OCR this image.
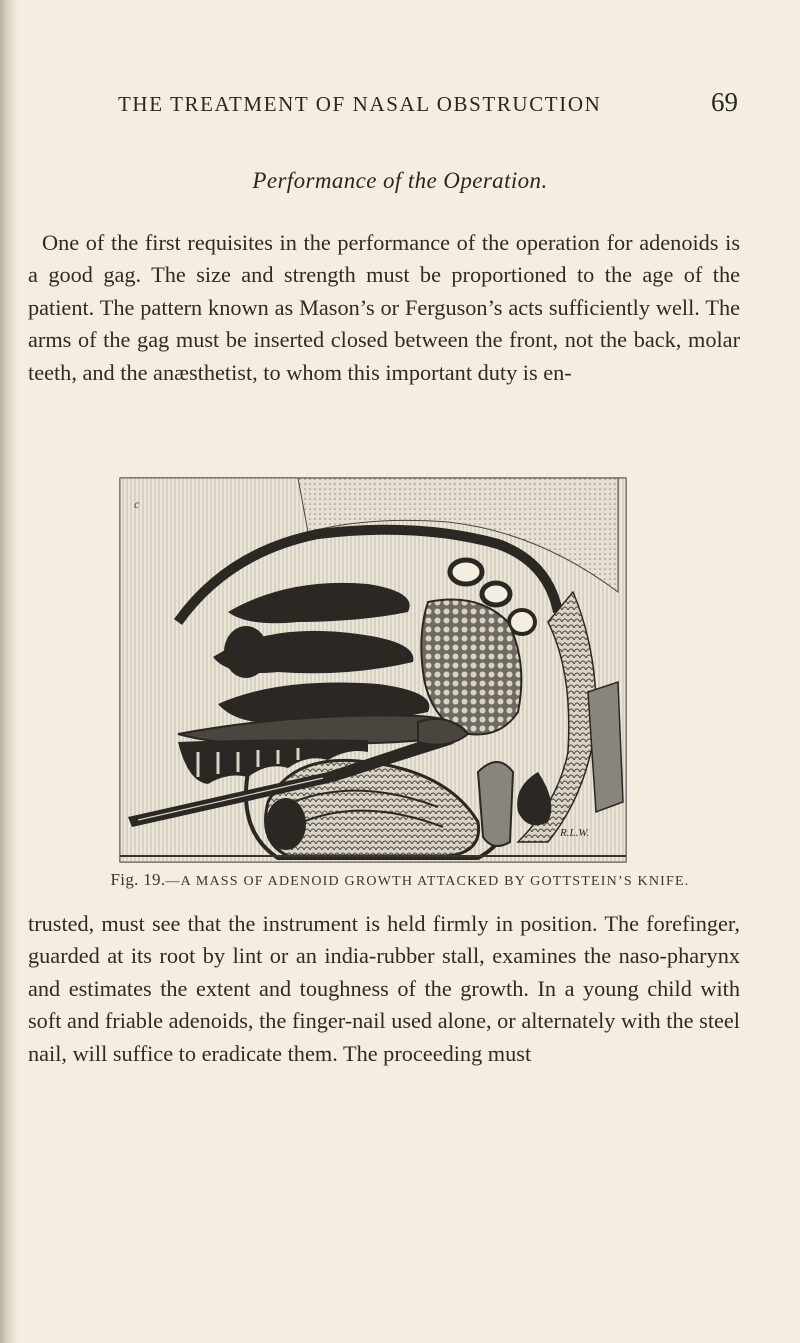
THE TREATMENT OF NASAL OBSTRUCTION	69
Performance of the Operation.

One of the first requisites in the performance of the operation for adenoids is a good gag. The size and strength must be proportioned to the age of the patient. The pattern known as Mason’s or Ferguson’s acts sufficiently well. The arms of the gag must be inserted closed between the front, not the back, molar teeth, and the anæsthetist, to whom this important duty is en-

c
R.L.W.
Fig. 19.—A MASS OF ADENOID GROWTH ATTACKED BY GOTTSTEIN’S KNIFE.

trusted, must see that the instrument is held firmly in position. The forefinger, guarded at its root by lint or an india-rubber stall, examines the naso-pharynx and estimates the extent and toughness of the growth. In a young child with soft and friable adenoids, the finger-nail used alone, or alternately with the steel nail, will suffice to eradicate them. The proceeding must
